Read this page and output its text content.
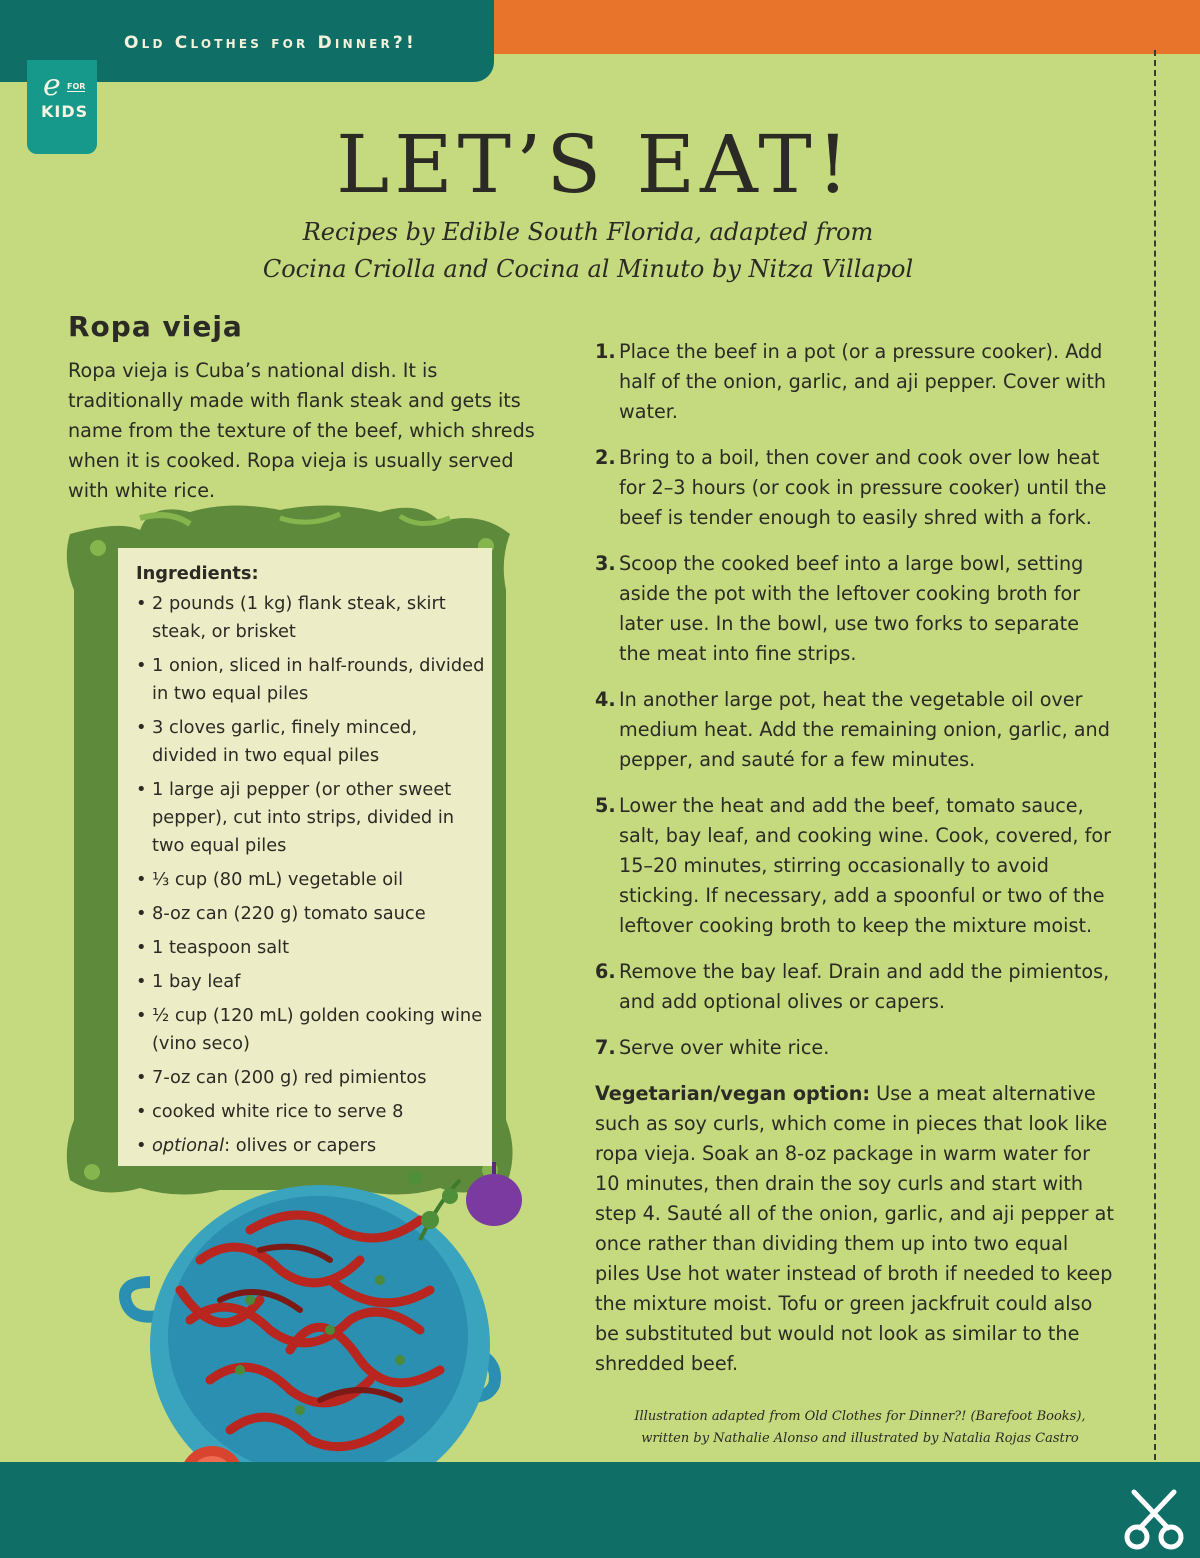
Old Clothes for Dinner?!
e FOR
KIDS
LET’S EAT!
Recipes by Edible South Florida, adapted from
Cocina Criolla and Cocina al Minuto by Nitza Villapol
Ropa vieja
Ropa vieja is Cuba’s national dish. It is traditionally made with flank steak and gets its name from the texture of the beef, which shreds when it is cooked. Ropa vieja is usually served with white rice.
Ingredients:
• 2 pounds (1 kg) flank steak, skirt steak, or brisket
• 1 onion, sliced in half-rounds, divided in two equal piles
• 3 cloves garlic, finely minced, divided in two equal piles
• 1 large aji pepper (or other sweet pepper), cut into strips, divided in two equal piles
• ⅓ cup (80 mL) vegetable oil
• 8-oz can (220 g) tomato sauce
• 1 teaspoon salt
• 1 bay leaf
• ½ cup (120 mL) golden cooking wine (vino seco)
• 7-oz can (200 g) red pimientos
• cooked white rice to serve 8
• optional: olives or capers
1. Place the beef in a pot (or a pressure cooker). Add half of the onion, garlic, and aji pepper. Cover with water.
2. Bring to a boil, then cover and cook over low heat for 2–3 hours (or cook in pressure cooker) until the beef is tender enough to easily shred with a fork.
3. Scoop the cooked beef into a large bowl, setting aside the pot with the leftover cooking broth for later use. In the bowl, use two forks to separate the meat into fine strips.
4. In another large pot, heat the vegetable oil over medium heat. Add the remaining onion, garlic, and pepper, and sauté for a few minutes.
5. Lower the heat and add the beef, tomato sauce, salt, bay leaf, and cooking wine. Cook, covered, for 15–20 minutes, stirring occasionally to avoid sticking. If necessary, add a spoonful or two of the leftover cooking broth to keep the mixture moist.
6. Remove the bay leaf. Drain and add the pimientos, and add optional olives or capers.
7. Serve over white rice.
Vegetarian/vegan option: Use a meat alternative such as soy curls, which come in pieces that look like ropa vieja. Soak an 8-oz package in warm water for 10 minutes, then drain the soy curls and start with step 4. Sauté all of the onion, garlic, and aji pepper at once rather than dividing them up into two equal piles Use hot water instead of broth if needed to keep the mixture moist. Tofu or green jackfruit could also be substituted but would not look as similar to the shredded beef.
Illustration adapted from Old Clothes for Dinner?! (Barefoot Books),
written by Nathalie Alonso and illustrated by Natalia Rojas Castro
